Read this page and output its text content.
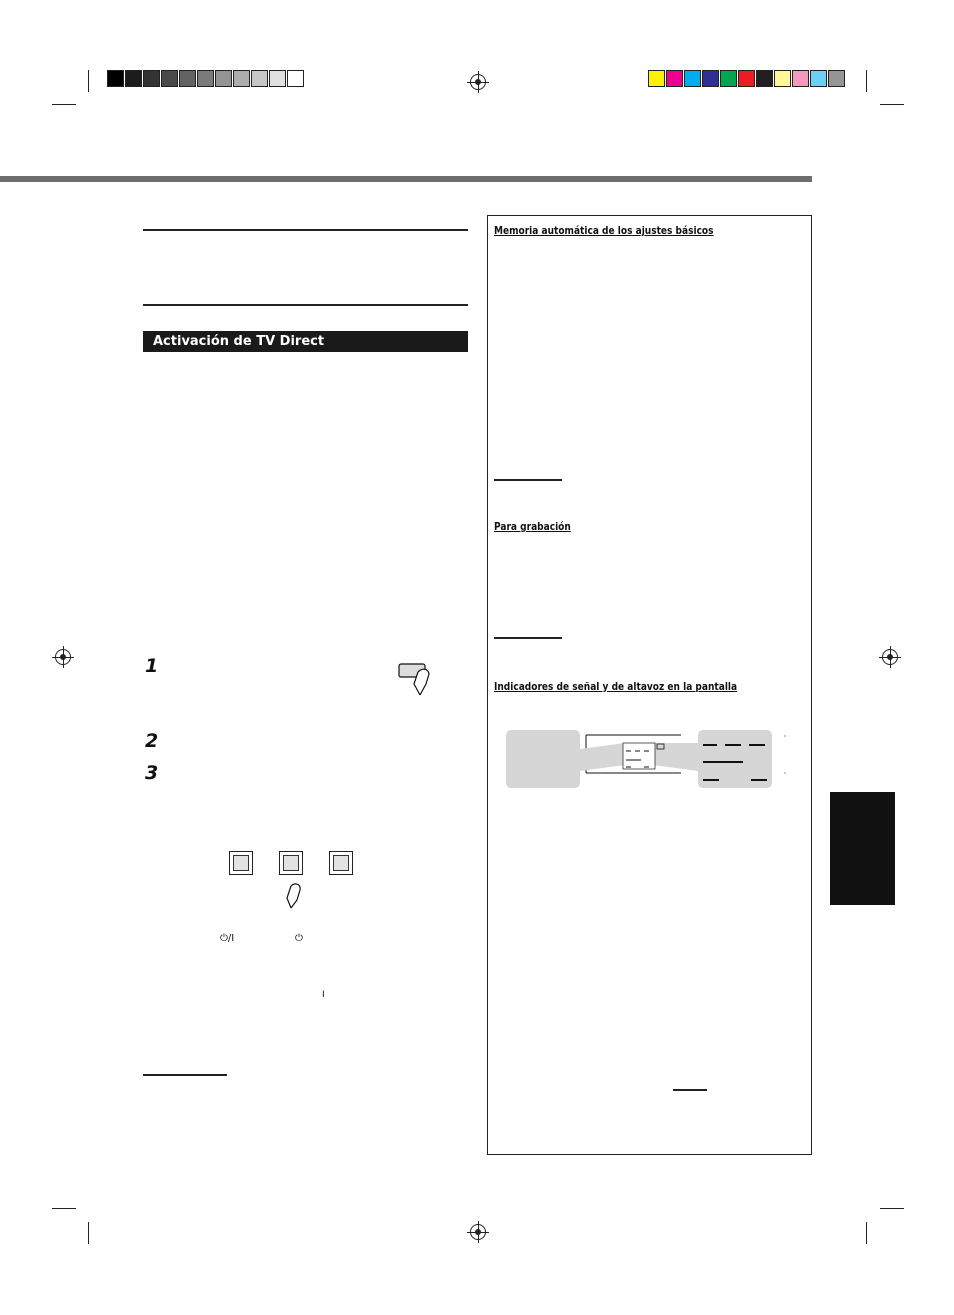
Activación de TV Direct
1
2
3
⏻/I	⏻
I
Memoria automática de los ajustes básicos
Para grabación
Indicadores de señal y de altavoz en la pantalla
